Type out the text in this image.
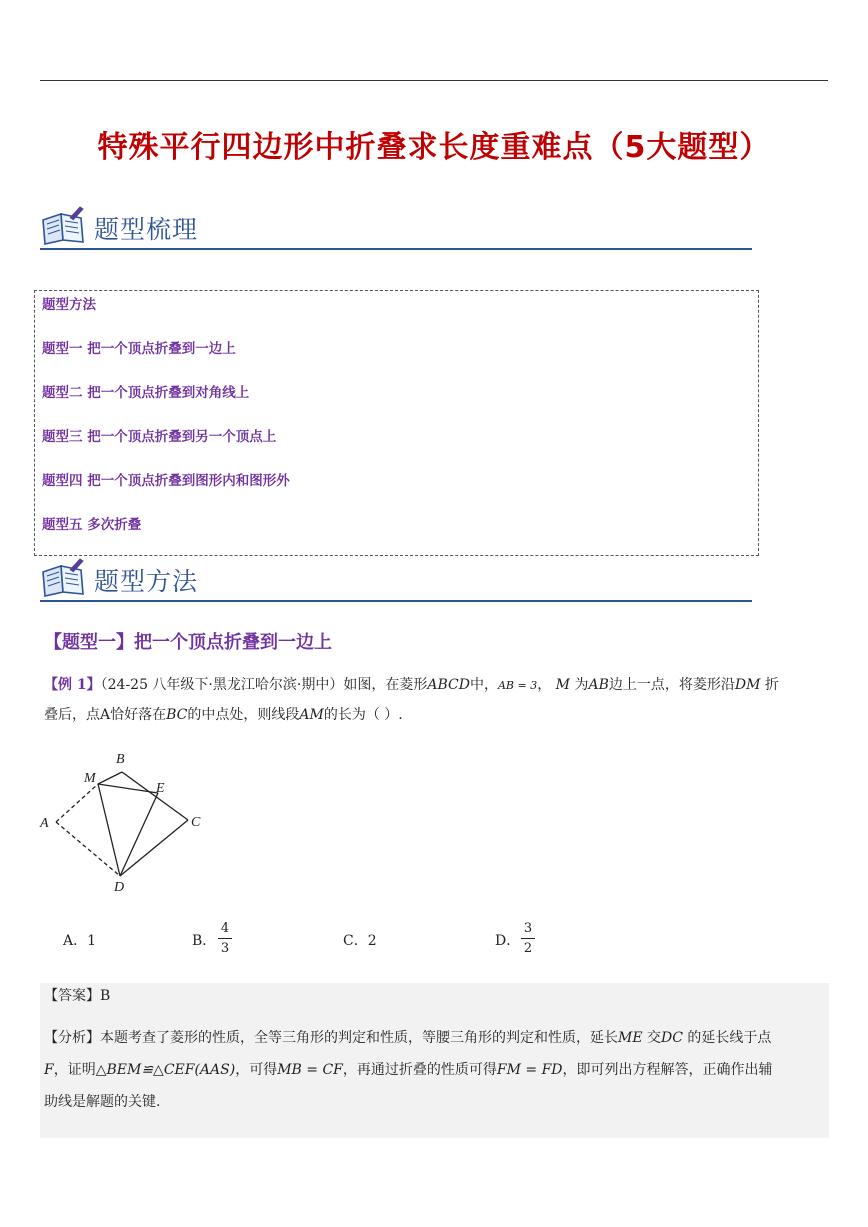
特殊平行四边形中折叠求长度重难点（5大题型）
题型梳理
题型方法
题型一 把一个顶点折叠到一边上
题型二 把一个顶点折叠到对角线上
题型三 把一个顶点折叠到另一个顶点上
题型四 把一个顶点折叠到图形内和图形外
题型五 多次折叠
题型方法
【题型一】把一个顶点折叠到一边上
【例 1】（24-25 八年级下·黑龙江哈尔滨·期中）如图，在菱形ABCD中，AB = 3， M 为AB边上一点，将菱形沿DM 折
叠后，点A恰好落在BC的中点处，则线段AM的长为（ ）.
A
B
C
D
E
M
A．1	B．
4
3	C．2	D．
3
2
【答案】B
【分析】本题考查了菱形的性质，全等三角形的判定和性质，等腰三角形的判定和性质，延长ME 交DC 的延长线于点
F，证明△BEM≌△CEF(AAS)，可得MB = CF，再通过折叠的性质可得FM = FD，即可列出方程解答，正确作出辅
助线是解题的关键.
